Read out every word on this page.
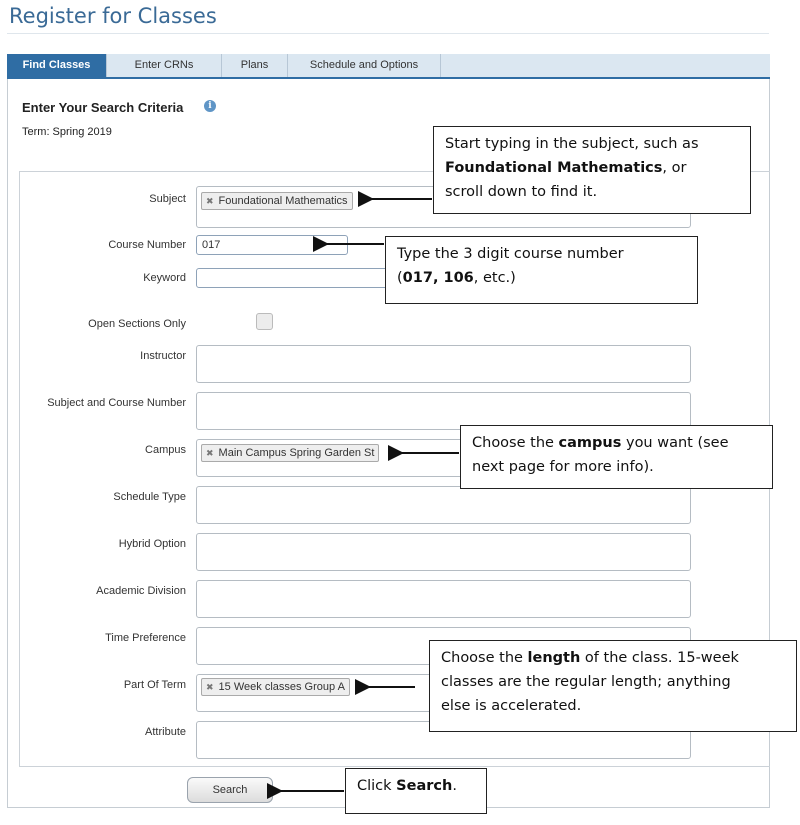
Register for Classes
Find Classes	Enter CRNs	Plans	Schedule and Options
Enter Your Search Criteria	i
Term: Spring 2019
Subject	✖ Foundational Mathematics
Course Number	017
Keyword
Open Sections Only
Instructor
Subject and Course Number
Campus	✖ Main Campus Spring Garden St
Schedule Type
Hybrid Option
Academic Division
Time Preference
Part Of Term	✖ 15 Week classes Group A
Attribute
Search
Start typing in the subject, such as
Foundational Mathematics, or
scroll down to find it.
Type the 3 digit course number
(017, 106, etc.)
Choose the campus you want (see
next page for more info).
Choose the length of the class. 15-week
classes are the regular length; anything
else is accelerated.
Click Search.
